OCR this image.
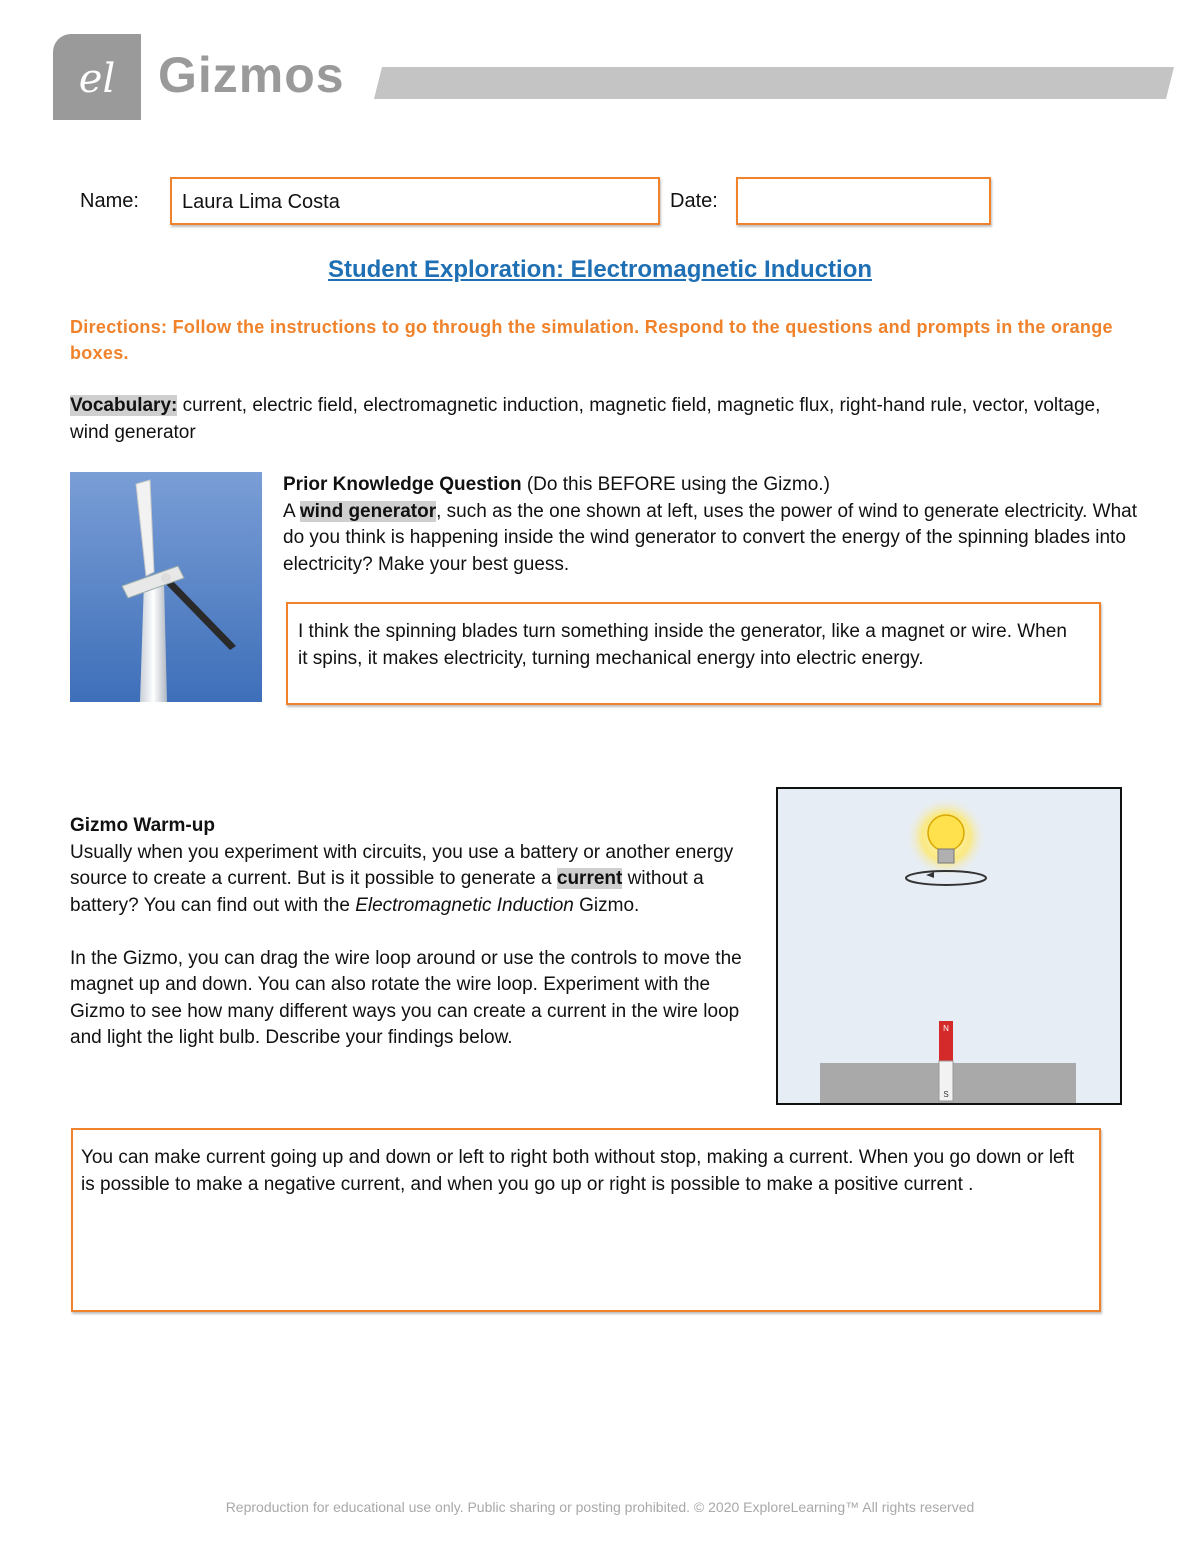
el Gizmos
Name: Laura Lima Costa	Date:
Student Exploration: Electromagnetic Induction
Directions: Follow the instructions to go through the simulation. Respond to the questions and prompts in the orange boxes.
Vocabulary: current, electric field, electromagnetic induction, magnetic field, magnetic flux, right-hand rule, vector, voltage, wind generator
Prior Knowledge Question (Do this BEFORE using the Gizmo.)
A wind generator, such as the one shown at left, uses the power of wind to generate electricity. What do you think is happening inside the wind generator to convert the energy of the spinning blades into electricity? Make your best guess.
I think the spinning blades turn something inside the generator, like a magnet or wire. When it spins, it makes electricity, turning mechanical energy into electric energy.
N
S
Gizmo Warm-up
Usually when you experiment with circuits, you use a battery or another energy source to create a current. But is it possible to generate a current without a battery? You can find out with the Electromagnetic Induction Gizmo.
In the Gizmo, you can drag the wire loop around or use the controls to move the magnet up and down. You can also rotate the wire loop. Experiment with the Gizmo to see how many different ways you can create a current in the wire loop and light the light bulb. Describe your findings below.
You can make current going up and down or left to right both without stop, making a current. When you go down or left is possible to make a negative current, and when you go up or right is possible to make a positive current .
Reproduction for educational use only. Public sharing or posting prohibited. © 2020 ExploreLearning™ All rights reserved
